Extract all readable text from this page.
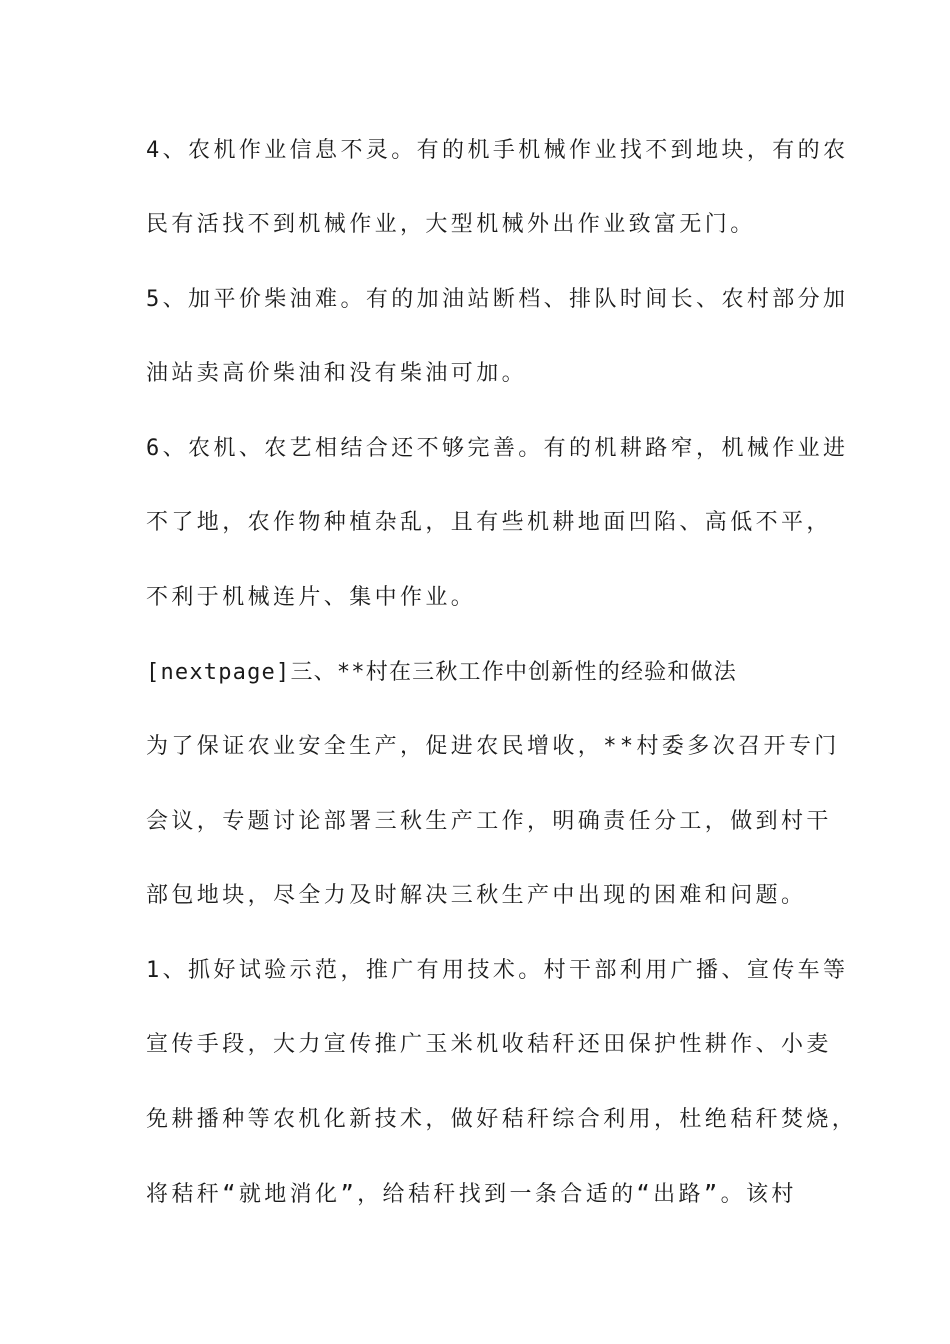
4、农机作业信息不灵。有的机手机械作业找不到地块，有的农
民有活找不到机械作业，大型机械外出作业致富无门。
5、加平价柴油难。有的加油站断档、排队时间长、农村部分加
油站卖高价柴油和没有柴油可加。
6、农机、农艺相结合还不够完善。有的机耕路窄，机械作业进
不了地，农作物种植杂乱，且有些机耕地面凹陷、高低不平，
不利于机械连片、集中作业。
[nextpage]三、**村在三秋工作中创新性的经验和做法
为了保证农业安全生产，促进农民增收，**村委多次召开专门
会议，专题讨论部署三秋生产工作，明确责任分工，做到村干
部包地块，尽全力及时解决三秋生产中出现的困难和问题。
1、抓好试验示范，推广有用技术。村干部利用广播、宣传车等
宣传手段，大力宣传推广玉米机收秸秆还田保护性耕作、小麦
免耕播种等农机化新技术，做好秸秆综合利用，杜绝秸秆焚烧，
将秸秆“就地消化”，给秸秆找到一条合适的“出路”。该村
